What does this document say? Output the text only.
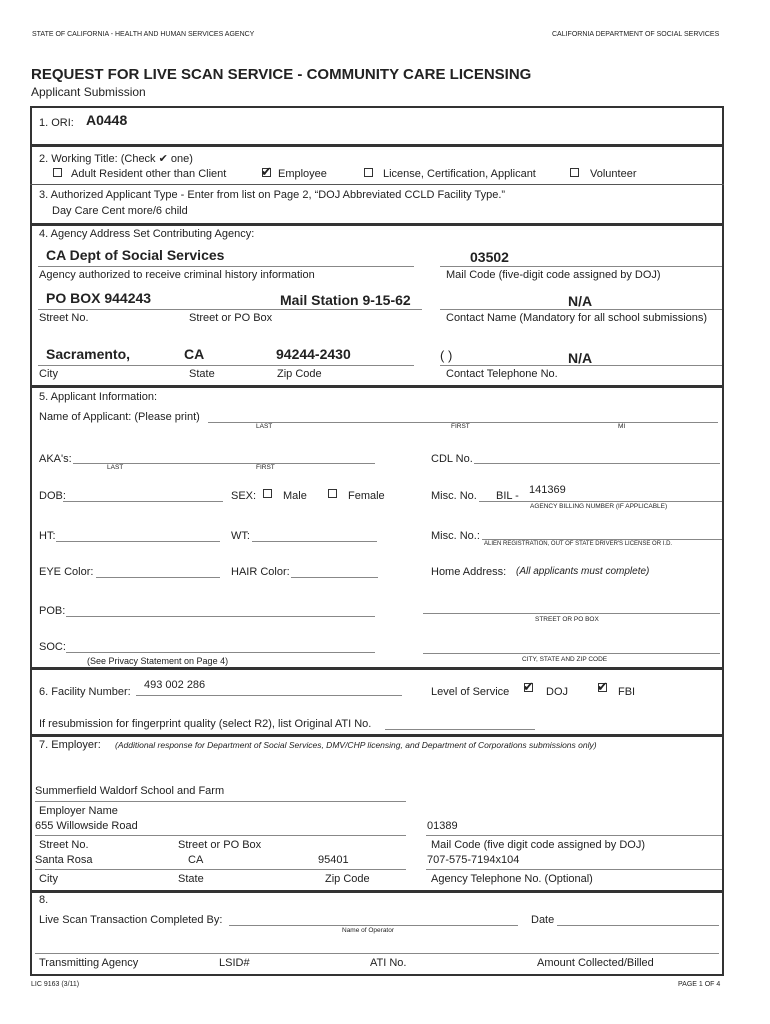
STATE OF CALIFORNIA - HEALTH AND HUMAN SERVICES AGENCY	CALIFORNIA DEPARTMENT OF SOCIAL SERVICES
REQUEST FOR LIVE SCAN SERVICE - COMMUNITY CARE LICENSING
Applicant Submission
1. ORI: A0448
2. Working Title: (Check ✔ one)
Adult Resident other than Client	✔ Employee	License, Certification, Applicant	Volunteer
3. Authorized Applicant Type - Enter from list on Page 2, “DOJ Abbreviated CCLD Facility Type.”
Day Care Cent more/6 child
4. Agency Address Set Contributing Agency:
CA Dept of Social Services	03502
Agency authorized to receive criminal history information	Mail Code (five-digit code assigned by DOJ)
PO BOX 944243	Mail Station 9-15-62	N/A
Street No.	Street or PO Box	Contact Name (Mandatory for all school submissions)
Sacramento,	CA	94244-2430	( )	N/A
City	State	Zip Code	Contact Telephone No.
5. Applicant Information:
Name of Applicant: (Please print)
LAST	FIRST	MI
AKA's:
LAST	FIRST
CDL No.
DOB:	SEX: Male	Female	Misc. No. BIL - 141369
AGENCY BILLING NUMBER (IF APPLICABLE)
HT:	WT:	Misc. No.:
ALIEN REGISTRATION, OUT OF STATE DRIVER'S LICENSE OR I.D.
EYE Color:	HAIR Color:	Home Address: (All applicants must complete)
POB:
STREET OR PO BOX
SOC:
(See Privacy Statement on Page 4)	CITY, STATE AND ZIP CODE
6. Facility Number:
493 002 286
Level of Service ✔ DOJ ✔ FBI
If resubmission for fingerprint quality (select R2), list Original ATI No.
7. Employer: (Additional response for Department of Social Services, DMV/CHP licensing, and Department of Corporations submissions only)
Summerfield Waldorf School and Farm
Employer Name
655 Willowside Road	01389
Street No.	Street or PO Box	Mail Code (five digit code assigned by DOJ)
Santa Rosa	CA	95401	707-575-7194x104
City	State	Zip Code	Agency Telephone No. (Optional)
8.
Live Scan Transaction Completed By:
Name of Operator
Date
Transmitting Agency	LSID#	ATI No.	Amount Collected/Billed
LIC 9163 (3/11)	PAGE 1 OF 4
